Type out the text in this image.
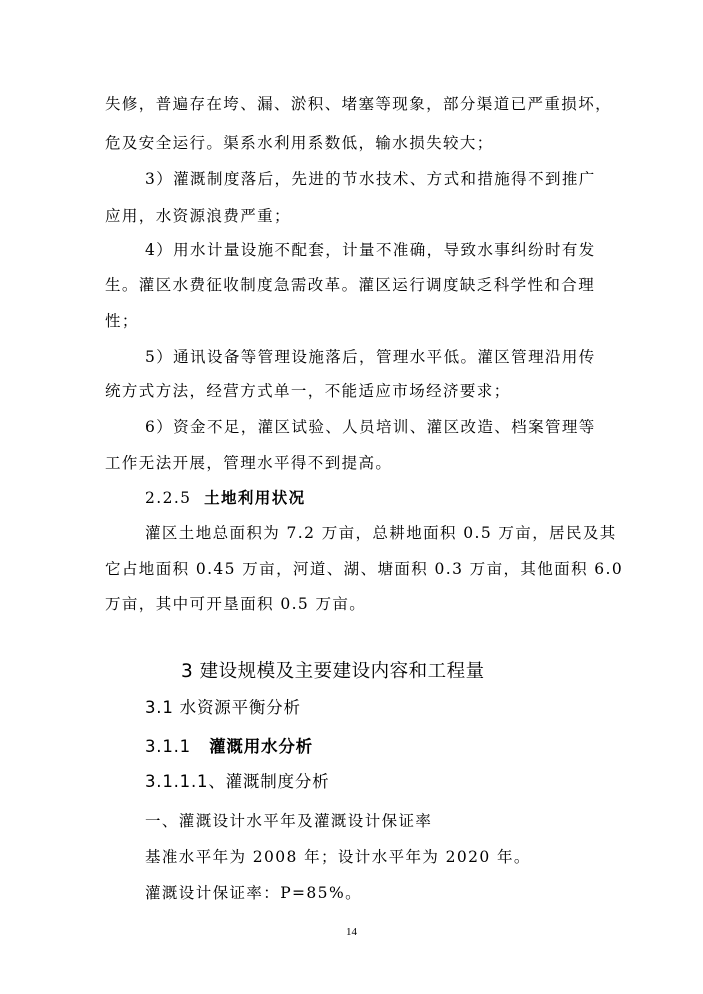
失修，普遍存在垮、漏、淤积、堵塞等现象，部分渠道已严重损坏，
危及安全运行。渠系水利用系数低，输水损失较大；
3）灌溉制度落后，先进的节水技术、方式和措施得不到推广
应用，水资源浪费严重；
4）用水计量设施不配套，计量不准确，导致水事纠纷时有发
生。灌区水费征收制度急需改革。灌区运行调度缺乏科学性和合理
性；
5）通讯设备等管理设施落后，管理水平低。灌区管理沿用传
统方式方法，经营方式单一，不能适应市场经济要求；
6）资金不足，灌区试验、人员培训、灌区改造、档案管理等
工作无法开展，管理水平得不到提高。
2.2.5 土地利用状况
灌区土地总面积为 7.2 万亩，总耕地面积 0.5 万亩，居民及其
它占地面积 0.45 万亩，河道、湖、塘面积 0.3 万亩，其他面积 6.0
万亩，其中可开垦面积 0.5 万亩。
3 建设规模及主要建设内容和工程量
3.1 水资源平衡分析
3.1.1 灌溉用水分析
3.1.1.1、灌溉制度分析
一、灌溉设计水平年及灌溉设计保证率
基准水平年为 2008 年；设计水平年为 2020 年。
灌溉设计保证率：P=85%。
14
